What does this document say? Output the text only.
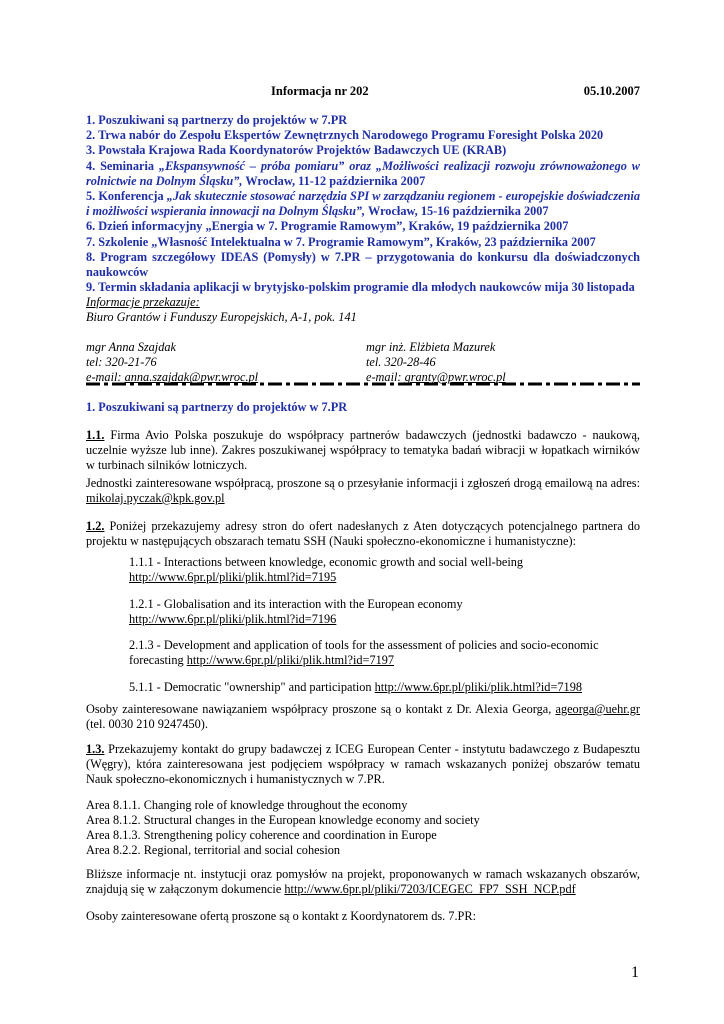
Informacja nr 202	05.10.2007
1. Poszukiwani są partnerzy do projektów w 7.PR
2. Trwa nabór do Zespołu Ekspertów Zewnętrznych Narodowego Programu Foresight Polska 2020
3. Powstała Krajowa Rada Koordynatorów Projektów Badawczych UE (KRAB)
4. Seminaria „Ekspansywność – próba pomiaru” oraz „Możliwości realizacji rozwoju zrównoważonego w rolnictwie na Dolnym Śląsku”, Wrocław, 11-12 października 2007
5. Konferencja „Jak skutecznie stosować narzędzia SPI w zarządzaniu regionem - europejskie doświadczenia i możliwości wspierania innowacji na Dolnym Śląsku”, Wrocław, 15-16 października 2007
6. Dzień informacyjny „Energia w 7. Programie Ramowym”, Kraków, 19 października 2007
7. Szkolenie „Własność Intelektualna w 7. Programie Ramowym”, Kraków, 23 października 2007
8. Program szczegółowy IDEAS (Pomysły) w 7.PR – przygotowania do konkursu dla doświadczonych naukowców
9. Termin składania aplikacji w brytyjsko-polskim programie dla młodych naukowców mija 30 listopada
Informacje przekazuje:
Biuro Grantów i Funduszy Europejskich, A-1, pok. 141
mgr Anna Szajdak
tel: 320-21-76
e-mail: anna.szajdak@pwr.wroc.pl
mgr inż. Elżbieta Mazurek
tel. 320-28-46
e-mail: granty@pwr.wroc.pl
1. Poszukiwani są partnerzy do projektów w 7.PR
1.1. Firma Avio Polska poszukuje do współpracy partnerów badawczych (jednostki badawczo - naukową, uczelnie wyższe lub inne). Zakres poszukiwanej współpracy to tematyka badań wibracji w łopatkach wirników w turbinach silników lotniczych.
Jednostki zainteresowane współpracą, proszone są o przesyłanie informacji i zgłoszeń drogą emailową na adres: mikolaj.pyczak@kpk.gov.pl
1.2. Poniżej przekazujemy adresy stron do ofert nadesłanych z Aten dotyczących potencjalnego partnera do projektu w następujących obszarach tematu SSH (Nauki społeczno-ekonomiczne i humanistyczne):
1.1.1 - Interactions between knowledge, economic growth and social well-being
http://www.6pr.pl/pliki/plik.html?id=7195
1.2.1 - Globalisation and its interaction with the European economy
http://www.6pr.pl/pliki/plik.html?id=7196
2.1.3 - Development and application of tools for the assessment of policies and socio-economic forecasting http://www.6pr.pl/pliki/plik.html?id=7197
5.1.1 - Democratic "ownership" and participation http://www.6pr.pl/pliki/plik.html?id=7198
Osoby zainteresowane nawiązaniem współpracy proszone są o kontakt z Dr. Alexia Georga, ageorga@uehr.gr (tel. 0030 210 9247450).
1.3. Przekazujemy kontakt do grupy badawczej z ICEG European Center - instytutu badawczego z Budapesztu (Węgry), która zainteresowana jest podjęciem współpracy w ramach wskazanych poniżej obszarów tematu Nauk społeczno-ekonomicznych i humanistycznych w 7.PR.
Area 8.1.1. Changing role of knowledge throughout the economy
Area 8.1.2. Structural changes in the European knowledge economy and society
Area 8.1.3. Strengthening policy coherence and coordination in Europe
Area 8.2.2. Regional, territorial and social cohesion
Bliższe informacje nt. instytucji oraz pomysłów na projekt, proponowanych w ramach wskazanych obszarów, znajdują się w załączonym dokumencie http://www.6pr.pl/pliki/7203/ICEGEC_FP7_SSH_NCP.pdf
Osoby zainteresowane ofertą proszone są o kontakt z Koordynatorem ds. 7.PR:
1
